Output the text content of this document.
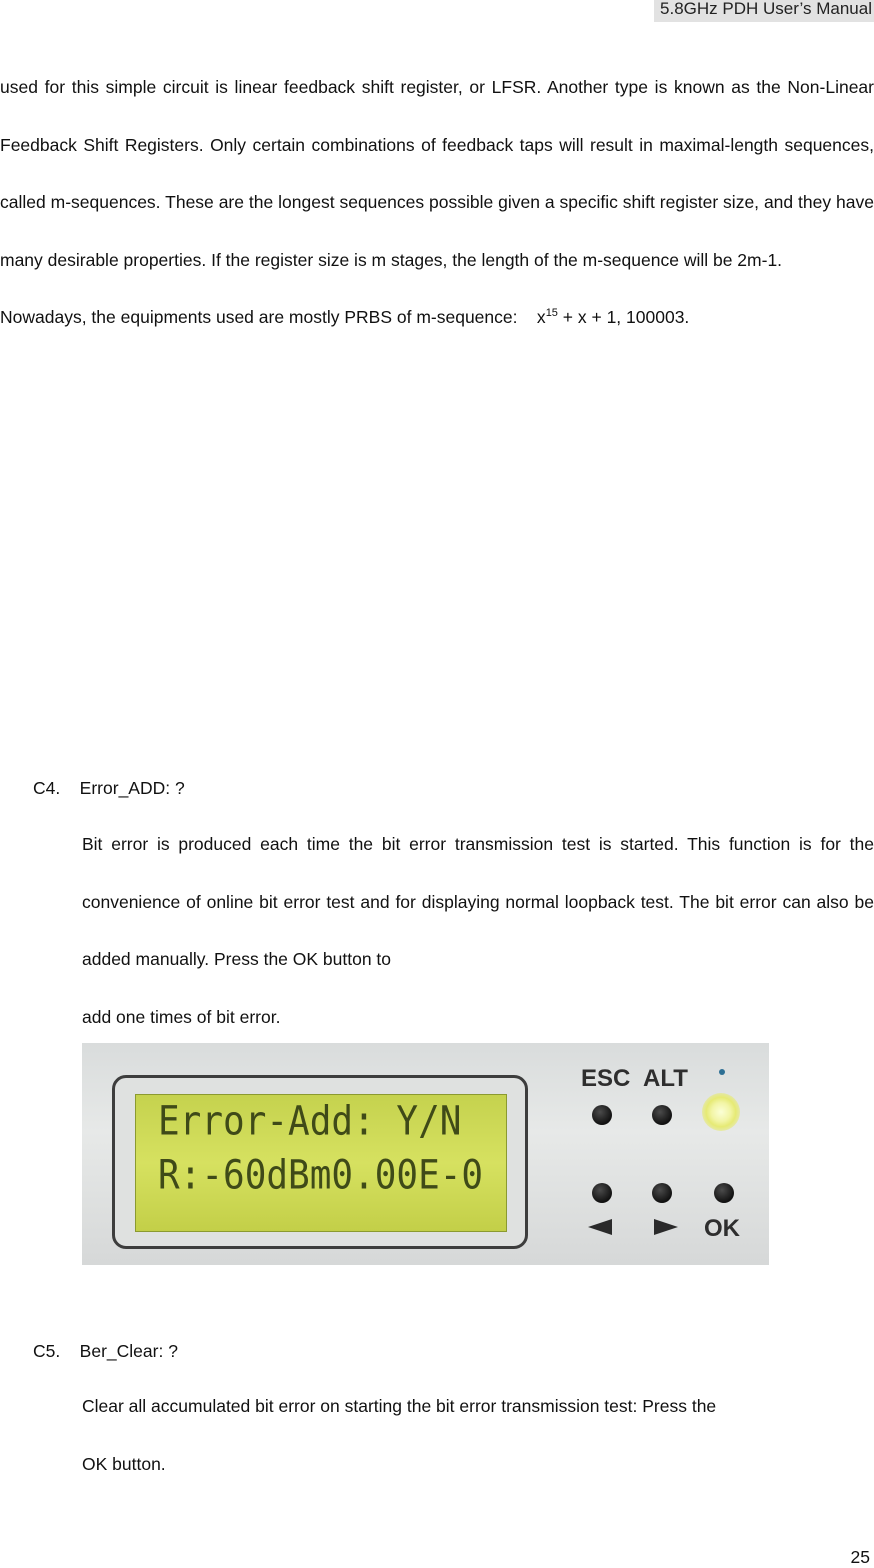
5.8GHz PDH User’s Manual

used for this simple circuit is linear feedback shift register, or LFSR. Another type is known as the Non-Linear Feedback Shift Registers. Only certain combinations of feedback taps will result in maximal-length sequences, called m-sequences. These are the longest sequences possible given a specific shift register size, and they have many desirable properties. If the register size is m stages, the length of the m-sequence will be 2m-1.
Nowadays, the equipments used are mostly PRBS of m-sequence:    $x^{15} + x + 1$, 100003.

C4.    Error_ADD: ?

Bit error is produced each time the bit error transmission test is started. This function is for the convenience of online bit error test and for displaying normal loopback test. The bit error can also be added manually. Press the OK button to
add one times of bit error.

Error-Add: Y/N
R:-60dBm0.00E-0
ESC ALT
OK
C5.    Ber_Clear: ?

Clear all accumulated bit error on starting the bit error transmission test: Press the
OK button.

25
